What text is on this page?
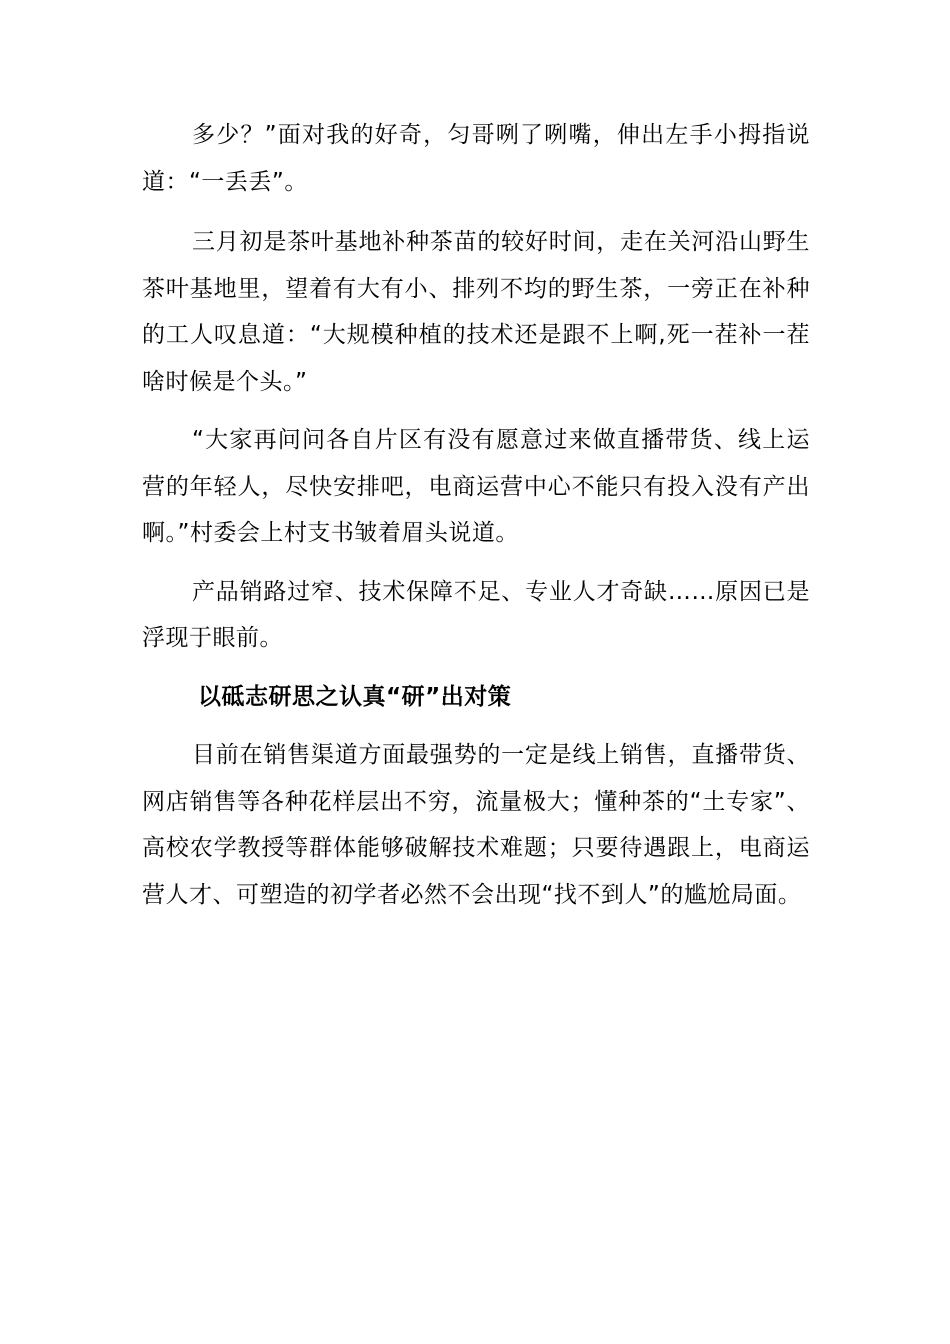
多少？”面对我的好奇，匀哥咧了咧嘴，伸出左手小拇指说道：“一丢丢”。

三月初是茶叶基地补种茶苗的较好时间，走在关河沿山野生茶叶基地里，望着有大有小、排列不均的野生茶，一旁正在补种的工人叹息道：“大规模种植的技术还是跟不上啊,死一茬补一茬啥时候是个头。”

“大家再问问各自片区有没有愿意过来做直播带货、线上运营的年轻人，尽快安排吧，电商运营中心不能只有投入没有产出啊。”村委会上村支书皱着眉头说道。

产品销路过窄、技术保障不足、专业人才奇缺……原因已是浮现于眼前。

以砥志研思之认真“研”出对策

目前在销售渠道方面最强势的一定是线上销售，直播带货、网店销售等各种花样层出不穷，流量极大；懂种茶的“土专家”、高校农学教授等群体能够破解技术难题；只要待遇跟上，电商运营人才、可塑造的初学者必然不会出现“找不到人”的尴尬局面。
